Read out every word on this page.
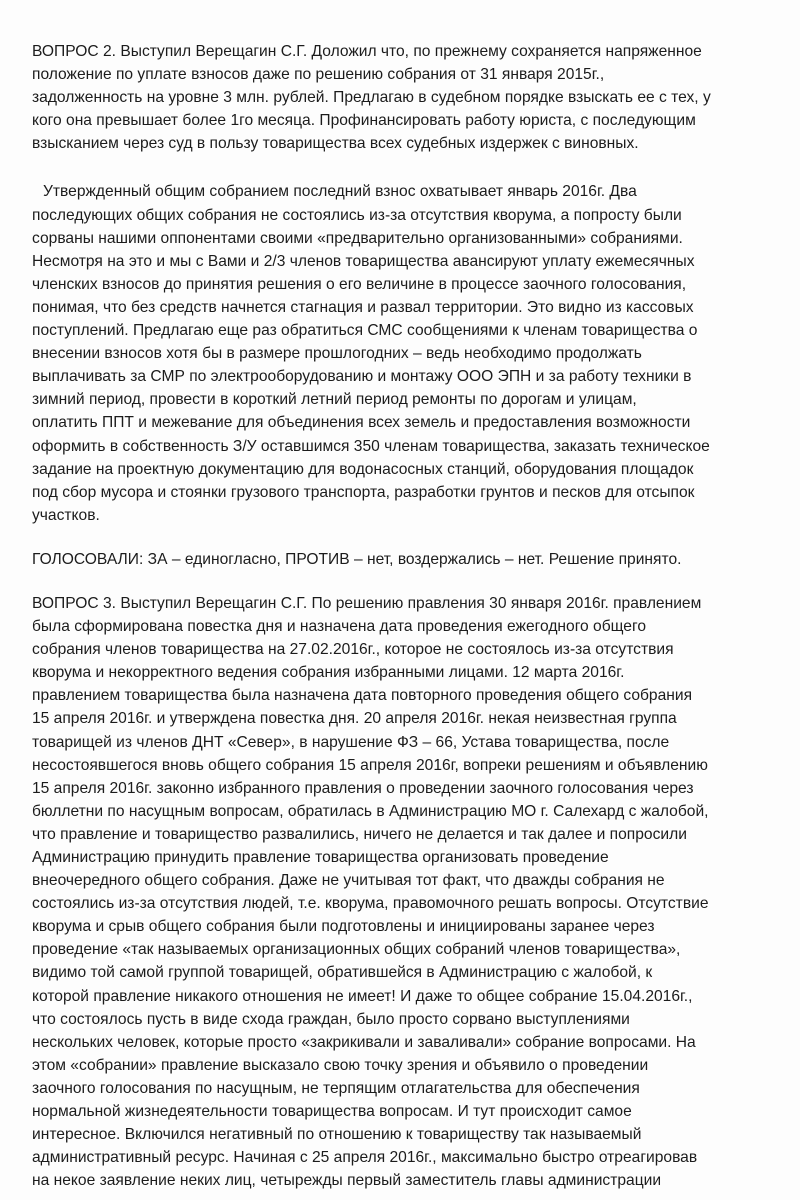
ВОПРОС 2. Выступил Верещагин С.Г. Доложил что, по прежнему сохраняется напряженное
положение по уплате взносов даже по решению собрания от 31 января 2015г.,
задолженность на уровне 3 млн. рублей. Предлагаю в судебном порядке взыскать ее с тех, у
кого она превышает более 1го месяца. Профинансировать работу юриста, с последующим
взысканием через суд в пользу товарищества всех судебных издержек с виновных.
Утвержденный общим собранием последний взнос охватывает январь 2016г. Два
последующих общих собрания не состоялись из-за отсутствия кворума, а попросту были
сорваны нашими оппонентами своими «предварительно организованными» собраниями.
Несмотря на это и мы с Вами и 2/3 членов товарищества авансируют уплату ежемесячных
членских взносов до принятия решения о его величине в процессе заочного голосования,
понимая, что без средств начнется стагнация и развал территории. Это видно из кассовых
поступлений. Предлагаю еще раз обратиться СМС сообщениями к членам товарищества о
внесении взносов хотя бы в размере прошлогодних – ведь необходимо продолжать
выплачивать за СМР по электрооборудованию и монтажу ООО ЭПН и за работу техники в
зимний период, провести в короткий летний период ремонты по дорогам и улицам,
оплатить ППТ и межевание для объединения всех земель и предоставления возможности
оформить в собственность З/У оставшимся 350 членам товарищества, заказать техническое
задание на проектную документацию для водонасосных станций, оборудования площадок
под сбор мусора и стоянки грузового транспорта, разработки грунтов и песков для отсыпок
участков.
ГОЛОСОВАЛИ: ЗА – единогласно, ПРОТИВ – нет, воздержались – нет. Решение принято.
ВОПРОС 3. Выступил Верещагин С.Г. По решению правления 30 января 2016г. правлением
была сформирована повестка дня и назначена дата проведения ежегодного общего
собрания членов товарищества на 27.02.2016г., которое не состоялось из-за отсутствия
кворума и некорректного ведения собрания избранными лицами. 12 марта 2016г.
правлением товарищества была назначена дата повторного проведения общего собрания
15 апреля 2016г. и утверждена повестка дня. 20 апреля 2016г. некая неизвестная группа
товарищей из членов ДНТ «Север», в нарушение ФЗ – 66, Устава товарищества, после
несостоявшегося вновь общего собрания 15 апреля 2016г, вопреки решениям и объявлению
15 апреля 2016г. законно избранного правления о проведении заочного голосования через
бюллетни по насущным вопросам, обратилась в Администрацию МО г. Салехард с жалобой,
что правление и товарищество развалились, ничего не делается и так далее и попросили
Администрацию принудить правление товарищества организовать проведение
внеочередного общего собрания. Даже не учитывая тот факт, что дважды собрания не
состоялись из-за отсутствия людей, т.е. кворума, правомочного решать вопросы. Отсутствие
кворума и срыв общего собрания были подготовлены и инициированы заранее через
проведение «так называемых организационных общих собраний членов товарищества»,
видимо той самой группой товарищей, обратившейся в Администрацию с жалобой, к
которой правление никакого отношения не имеет! И даже то общее собрание 15.04.2016г.,
что состоялось пусть в виде схода граждан, было просто сорвано выступлениями
нескольких человек, которые просто «закрикивали и заваливали» собрание вопросами. На
этом «собрании» правление высказало свою точку зрения и объявило о проведении
заочного голосования по насущным, не терпящим отлагательства для обеспечения
нормальной жизнедеятельности товарищества вопросам. И тут происходит самое
интересное. Включился негативный по отношению к товариществу так называемый
административный ресурс. Начиная с 25 апреля 2016г., максимально быстро отреагировав
на некое заявление неких лиц, четырежды первый заместитель главы администрации
